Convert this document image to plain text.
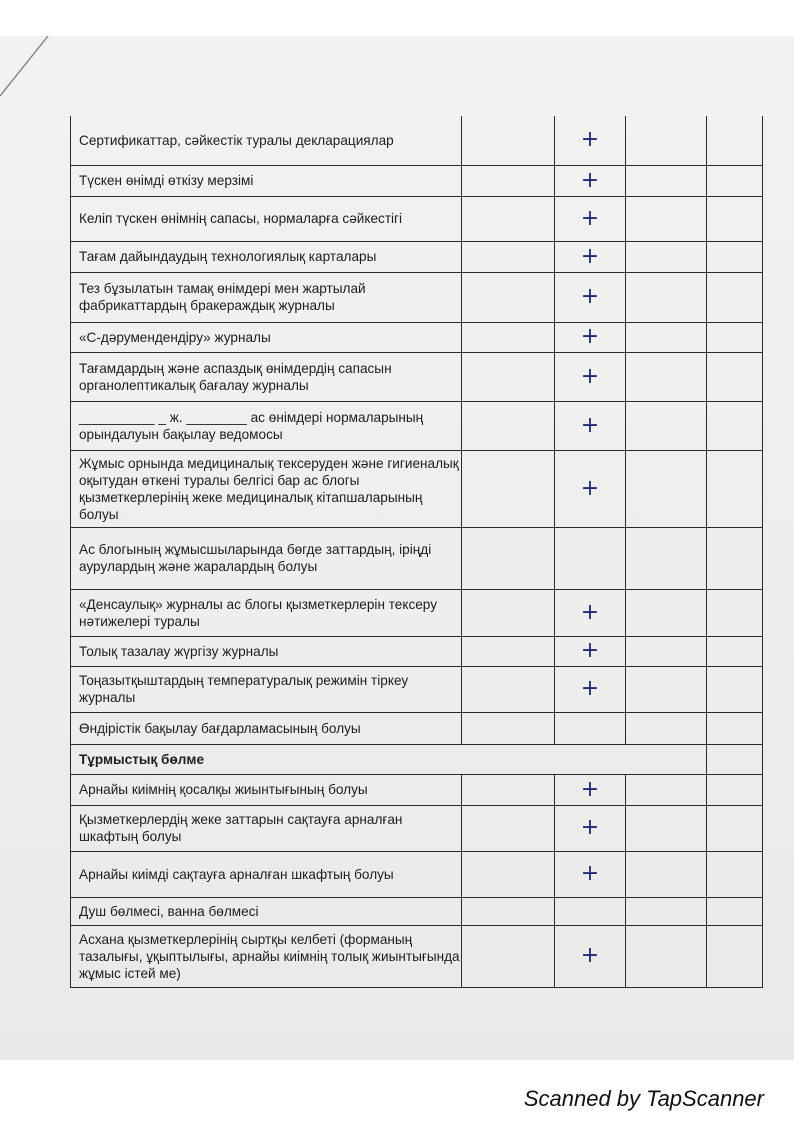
Сертификаттар, сәйкестік туралы декларациялар		+		

Түскен өнімді өткізу мерзімі		+		

Келіп түскен өнімнің сапасы, нормаларға сәйкестігі		+		

Тағам дайындаудың технологиялық карталары		+		

Тез бұзылатын тамақ өнімдері мен жартылай фабрикаттардың бракераждық журналы		+		

«С-дәрумендендіру» журналы		+		

Тағамдардың және аспаздық өнімдердің сапасын органолептикалық бағалау журналы		+		

__________ _ ж. ________ ас өнімдері нормаларының орындалуын бақылау ведомосы		+		

Жұмыс орнында медициналық тексеруден және гигиеналық оқытудан өткені туралы белгісі бар ас блогы қызметкерлерінің жеке медициналық кітапшаларының болуы		+		

Ас блогының жұмысшыларында бөгде заттардың, іріңді аурулардың және жаралардың болуы		

«Денсаулық» журналы ас блогы қызметкерлерін тексеру нәтижелері туралы		+		

Толық тазалау жүргізу журналы		+		

Тоңазытқыштардың температуралық режимін тіркеу журналы		+		

Өндірістік бақылау бағдарламасының болуы		

Тұрмыстық бөлме				
Арнайы киімнің қосалқы жиынтығының болуы		+		

Қызметкерлердің жеке заттарын сақтауға арналған шкафтың болуы		+		

Арнайы киімді сақтауға арналған шкафтың болуы		+		

Душ бөлмесі, ванна бөлмесі		

Асхана қызметкерлерінің сыртқы келбеті (форманың тазалығы, ұқыптылығы, арнайы киімнің толық жиынтығында жұмыс істей ме)		+		

Scanned by TapScanner
